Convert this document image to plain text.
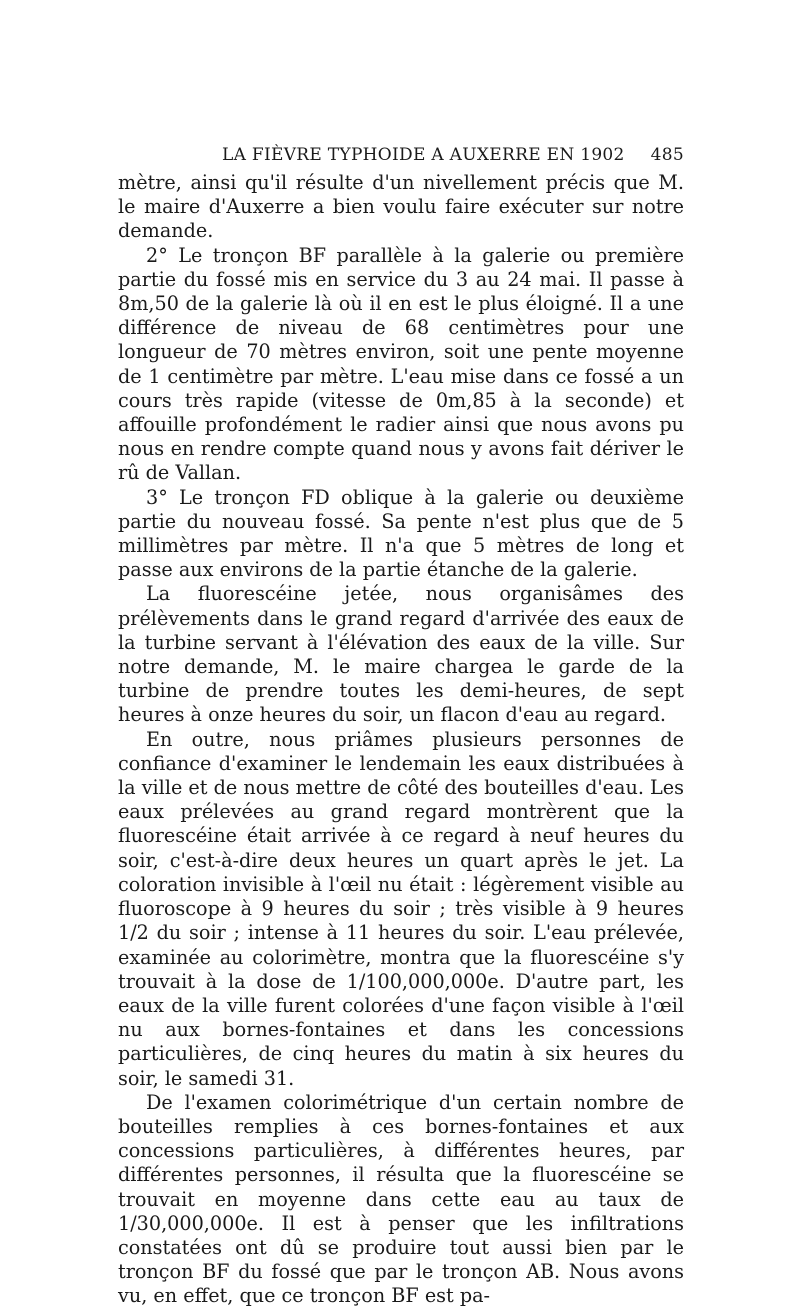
LA FIÈVRE TYPHOIDE A AUXERRE EN 1902 485

mètre, ainsi qu'il résulte d'un nivellement précis que M. le maire d'Auxerre a bien voulu faire exécuter sur notre demande.

2° Le tronçon BF parallèle à la galerie ou première partie du fossé mis en service du 3 au 24 mai. Il passe à 8m,50 de la galerie là où il en est le plus éloigné. Il a une différence de niveau de 68 centimètres pour une longueur de 70 mètres environ, soit une pente moyenne de 1 centimètre par mètre. L'eau mise dans ce fossé a un cours très rapide (vitesse de 0m,85 à la seconde) et affouille profondément le radier ainsi que nous avons pu nous en rendre compte quand nous y avons fait dériver le rû de Vallan.

3° Le tronçon FD oblique à la galerie ou deuxième partie du nouveau fossé. Sa pente n'est plus que de 5 millimètres par mètre. Il n'a que 5 mètres de long et passe aux environs de la partie étanche de la galerie.

La fluorescéine jetée, nous organisâmes des prélèvements dans le grand regard d'arrivée des eaux de la turbine servant à l'élévation des eaux de la ville. Sur notre demande, M. le maire chargea le garde de la turbine de prendre toutes les demi-heures, de sept heures à onze heures du soir, un flacon d'eau au regard.

En outre, nous priâmes plusieurs personnes de confiance d'examiner le lendemain les eaux distribuées à la ville et de nous mettre de côté des bouteilles d'eau. Les eaux prélevées au grand regard montrèrent que la fluorescéine était arrivée à ce regard à neuf heures du soir, c'est-à-dire deux heures un quart après le jet. La coloration invisible à l'œil nu était : légèrement visible au fluoroscope à 9 heures du soir ; très visible à 9 heures 1/2 du soir ; intense à 11 heures du soir. L'eau prélevée, examinée au colorimètre, montra que la fluorescéine s'y trouvait à la dose de 1/100,000,000e. D'autre part, les eaux de la ville furent colorées d'une façon visible à l'œil nu aux bornes-fontaines et dans les concessions particulières, de cinq heures du matin à six heures du soir, le samedi 31.

De l'examen colorimétrique d'un certain nombre de bouteilles remplies à ces bornes-fontaines et aux concessions particulières, à différentes heures, par différentes personnes, il résulta que la fluorescéine se trouvait en moyenne dans cette eau au taux de 1/30,000,000e. Il est à penser que les infiltrations constatées ont dû se produire tout aussi bien par le tronçon BF du fossé que par le tronçon AB. Nous avons vu, en effet, que ce tronçon BF est pa-
